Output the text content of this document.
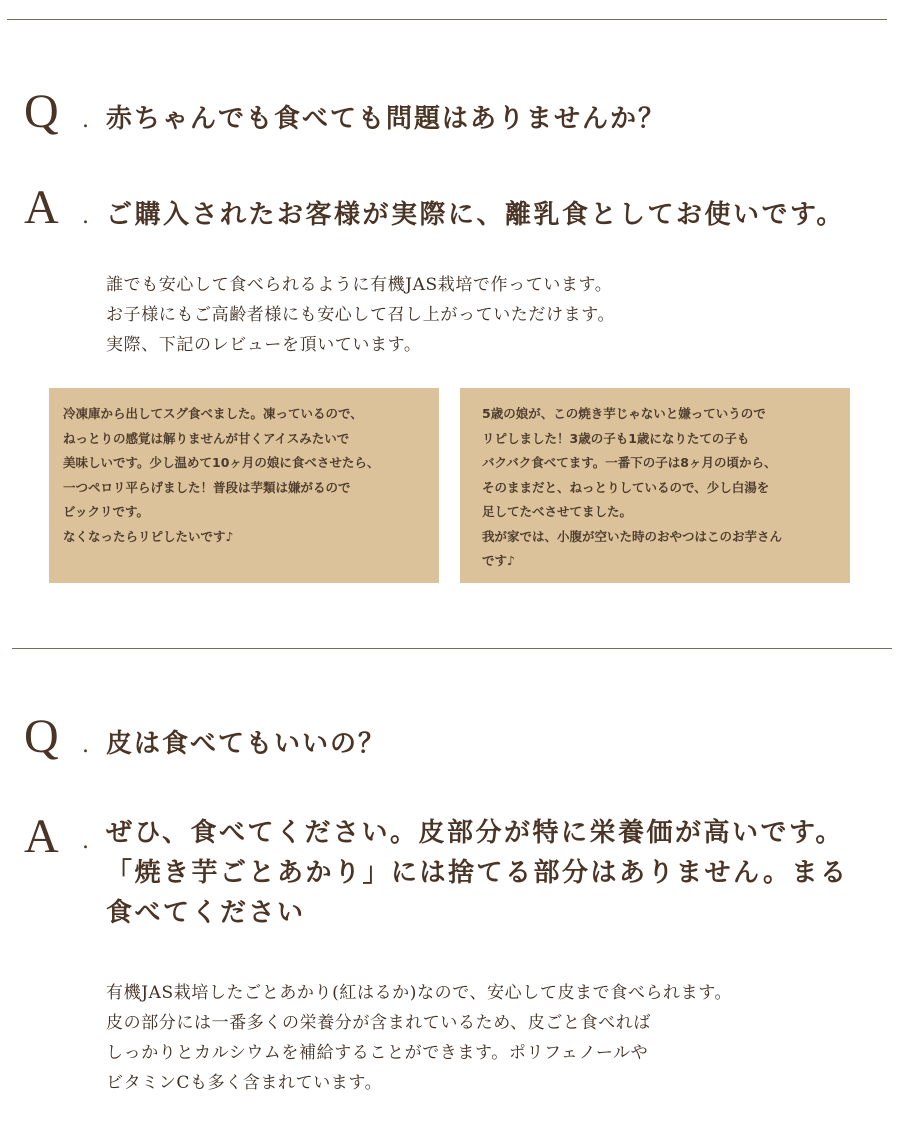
Q	. 赤ちゃんでも食べても問題はありませんか？
A	. ご購入されたお客様が実際に、離乳食としてお使いです。
誰でも安心して食べられるように有機JAS栽培で作っています。
お子様にもご高齢者様にも安心して召し上がっていただけます。
実際、下記のレビューを頂いています。
冷凍庫から出してスグ食べました。凍っているので、
ねっとりの感覚は解りませんが甘くアイスみたいで
美味しいです。少し温めて10ヶ月の娘に食べさせたら、
一つペロリ平らげました！普段は芋類は嫌がるので
ビックリです。
なくなったらリピしたいです♪
5歳の娘が、この焼き芋じゃないと嫌っていうので
リピしました！3歳の子も1歳になりたての子も
バクバク食べてます。一番下の子は8ヶ月の頃から、
そのままだと、ねっとりしているので、少し白湯を
足してたべさせてました。
我が家では、小腹が空いた時のおやつはこのお芋さん
です♪
Q	. 皮は食べてもいいの？
A	. ぜひ、食べてください。皮部分が特に栄養価が高いです。
「焼き芋ごとあかり」には捨てる部分はありません。まる
食べてください
有機JAS栽培したごとあかり(紅はるか)なので、安心して皮まで食べられます。
皮の部分には一番多くの栄養分が含まれているため、皮ごと食べれば
しっかりとカルシウムを補給することができます。ポリフェノールや
ビタミンCも多く含まれています。
